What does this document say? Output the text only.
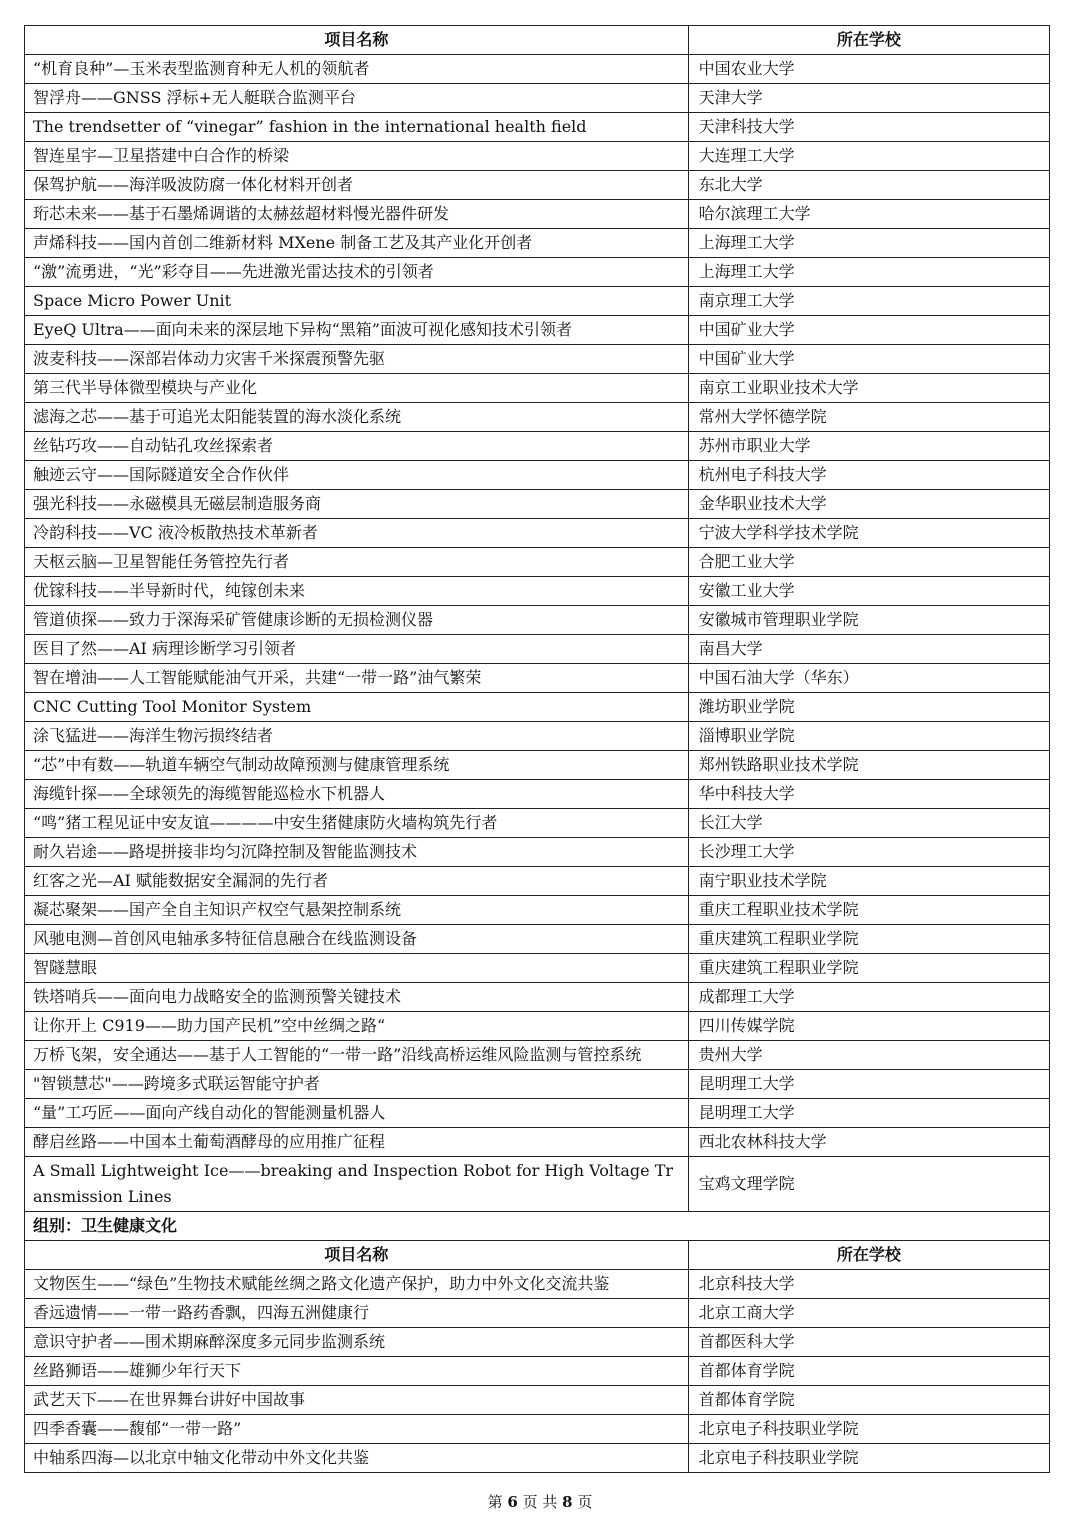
项目名称	所在学校
“机育良种”—玉米表型监测育种无人机的领航者	中国农业大学
智浮舟——GNSS 浮标+无人艇联合监测平台	天津大学
The trendsetter of “vinegar” fashion in the international health field	天津科技大学
智连星宇—卫星搭建中白合作的桥梁	大连理工大学
保驾护航——海洋吸波防腐一体化材料开创者	东北大学
珩芯未来——基于石墨烯调谐的太赫兹超材料慢光器件研发	哈尔滨理工大学
声烯科技——国内首创二维新材料 MXene 制备工艺及其产业化开创者	上海理工大学
“激”流勇进，“光”彩夺目——先进激光雷达技术的引领者	上海理工大学
Space Micro Power Unit	南京理工大学
EyeQ Ultra——面向未来的深层地下异构“黑箱”面波可视化感知技术引领者	中国矿业大学
波麦科技——深部岩体动力灾害千米探震预警先驱	中国矿业大学
第三代半导体微型模块与产业化	南京工业职业技术大学
滤海之芯——基于可追光太阳能装置的海水淡化系统	常州大学怀德学院
丝钻巧攻——自动钻孔攻丝探索者	苏州市职业大学
触迹云守——国际隧道安全合作伙伴	杭州电子科技大学
强光科技——永磁模具无磁层制造服务商	金华职业技术大学
冷韵科技——VC 液冷板散热技术革新者	宁波大学科学技术学院
天枢云脑—卫星智能任务管控先行者	合肥工业大学
优镓科技——半导新时代，纯镓创未来	安徽工业大学
管道侦探——致力于深海采矿管健康诊断的无损检测仪器	安徽城市管理职业学院
医目了然——AI 病理诊断学习引领者	南昌大学
智在增油——人工智能赋能油气开采，共建“一带一路”油气繁荣	中国石油大学（华东）
CNC Cutting Tool Monitor System	潍坊职业学院
涂飞猛进——海洋生物污损终结者	淄博职业学院
“芯”中有数——轨道车辆空气制动故障预测与健康管理系统	郑州铁路职业技术学院
海缆针探——全球领先的海缆智能巡检水下机器人	华中科技大学
“鸣”猪工程见证中安友谊————中安生猪健康防火墙构筑先行者	长江大学
耐久岩途——路堤拼接非均匀沉降控制及智能监测技术	长沙理工大学
红客之光—AI 赋能数据安全漏洞的先行者	南宁职业技术学院
凝芯聚架——国产全自主知识产权空气悬架控制系统	重庆工程职业技术学院
风驰电测—首创风电轴承多特征信息融合在线监测设备	重庆建筑工程职业学院
智隧慧眼	重庆建筑工程职业学院
铁塔哨兵——面向电力战略安全的监测预警关键技术	成都理工大学
让你开上 C919——助力国产民机”空中丝绸之路“	四川传媒学院
万桥飞架，安全通达——基于人工智能的“一带一路”沿线高桥运维风险监测与管控系统	贵州大学
"智锁慧芯"——跨境多式联运智能守护者	昆明理工大学
“量”工巧匠——面向产线自动化的智能测量机器人	昆明理工大学
酵启丝路——中国本土葡萄酒酵母的应用推广征程	西北农林科技大学
A Small Lightweight Ice——breaking and Inspection Robot for High Voltage Transmission Lines	宝鸡文理学院
组别：卫生健康文化	
项目名称	所在学校
文物医生——“绿色”生物技术赋能丝绸之路文化遗产保护，助力中外文化交流共鉴	北京科技大学
香远遗情——一带一路药香飘，四海五洲健康行	北京工商大学
意识守护者——围术期麻醉深度多元同步监测系统	首都医科大学
丝路狮语——雄狮少年行天下	首都体育学院
武艺天下——在世界舞台讲好中国故事	首都体育学院
四季香囊——馥郁“一带一路”	北京电子科技职业学院
中轴系四海—以北京中轴文化带动中外文化共鉴	北京电子科技职业学院
第 6 页 共 8 页
